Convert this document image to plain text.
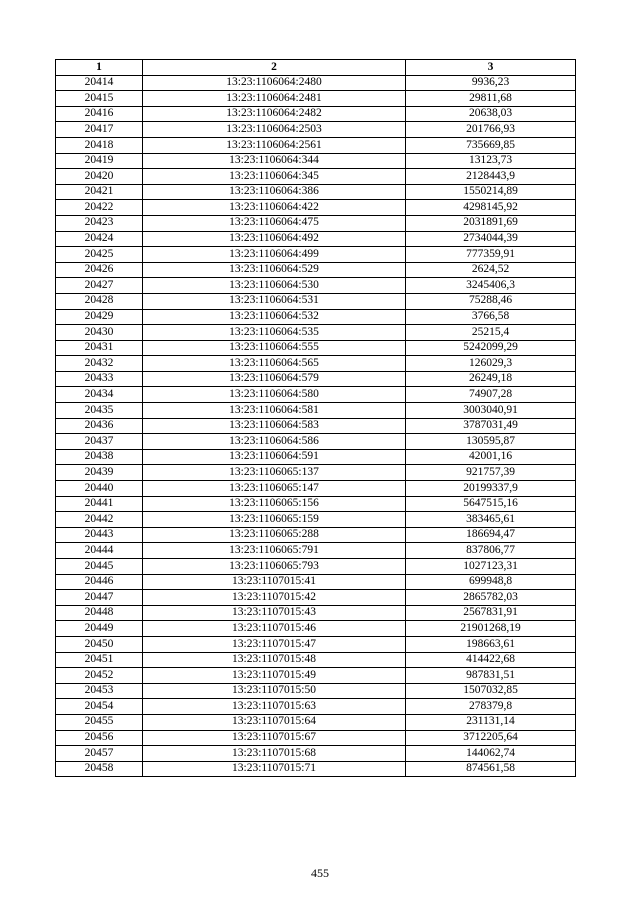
1	2	3
20414	13:23:1106064:2480	9936,23
20415	13:23:1106064:2481	29811,68
20416	13:23:1106064:2482	20638,03
20417	13:23:1106064:2503	201766,93
20418	13:23:1106064:2561	735669,85
20419	13:23:1106064:344	13123,73
20420	13:23:1106064:345	2128443,9
20421	13:23:1106064:386	1550214,89
20422	13:23:1106064:422	4298145,92
20423	13:23:1106064:475	2031891,69
20424	13:23:1106064:492	2734044,39
20425	13:23:1106064:499	777359,91
20426	13:23:1106064:529	2624,52
20427	13:23:1106064:530	3245406,3
20428	13:23:1106064:531	75288,46
20429	13:23:1106064:532	3766,58
20430	13:23:1106064:535	25215,4
20431	13:23:1106064:555	5242099,29
20432	13:23:1106064:565	126029,3
20433	13:23:1106064:579	26249,18
20434	13:23:1106064:580	74907,28
20435	13:23:1106064:581	3003040,91
20436	13:23:1106064:583	3787031,49
20437	13:23:1106064:586	130595,87
20438	13:23:1106064:591	42001,16
20439	13:23:1106065:137	921757,39
20440	13:23:1106065:147	20199337,9
20441	13:23:1106065:156	5647515,16
20442	13:23:1106065:159	383465,61
20443	13:23:1106065:288	186694,47
20444	13:23:1106065:791	837806,77
20445	13:23:1106065:793	1027123,31
20446	13:23:1107015:41	699948,8
20447	13:23:1107015:42	2865782,03
20448	13:23:1107015:43	2567831,91
20449	13:23:1107015:46	21901268,19
20450	13:23:1107015:47	198663,61
20451	13:23:1107015:48	414422,68
20452	13:23:1107015:49	987831,51
20453	13:23:1107015:50	1507032,85
20454	13:23:1107015:63	278379,8
20455	13:23:1107015:64	231131,14
20456	13:23:1107015:67	3712205,64
20457	13:23:1107015:68	144062,74
20458	13:23:1107015:71	874561,58
455
